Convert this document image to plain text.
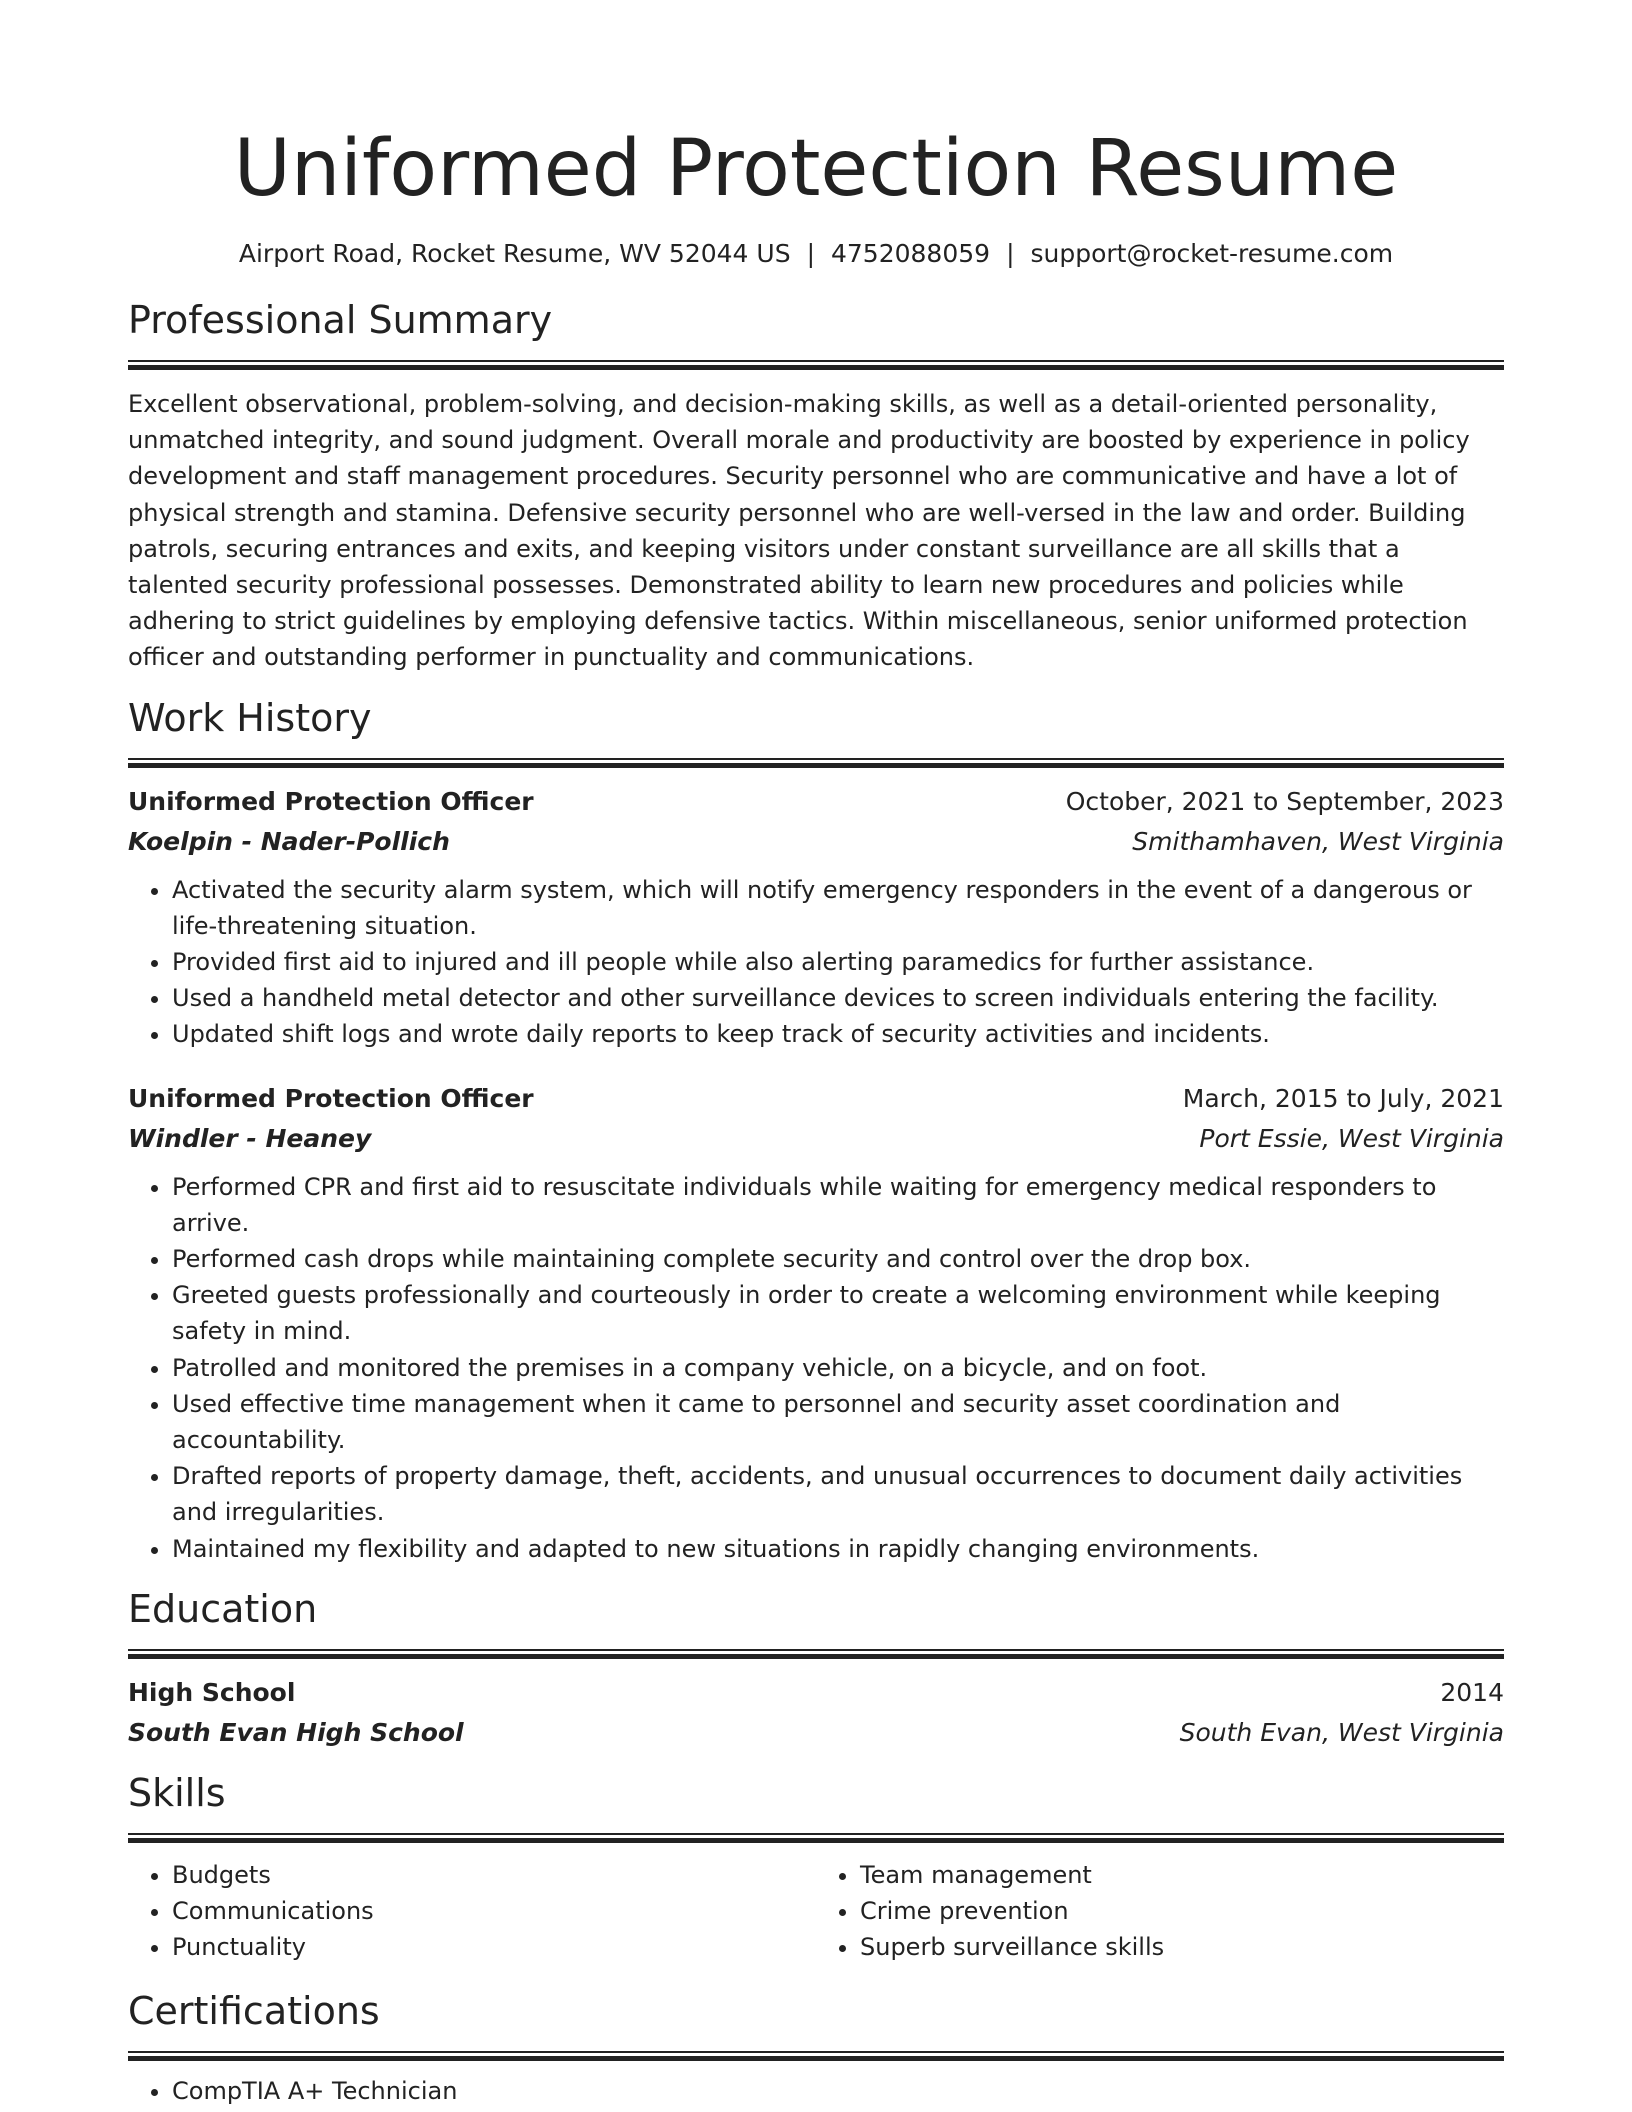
Uniformed Protection Resume
Airport Road, Rocket Resume, WV 52044 US | 4752088059 | support@rocket-resume.com
Professional Summary
Excellent observational, problem-solving, and decision-making skills, as well as a detail-oriented personality, unmatched integrity, and sound judgment. Overall morale and productivity are boosted by experience in policy development and staff management procedures. Security personnel who are communicative and have a lot of physical strength and stamina. Defensive security personnel who are well-versed in the law and order. Building patrols, securing entrances and exits, and keeping visitors under constant surveillance are all skills that a talented security professional possesses. Demonstrated ability to learn new procedures and policies while adhering to strict guidelines by employing defensive tactics. Within miscellaneous, senior uniformed protection officer and outstanding performer in punctuality and communications.
Work History
Uniformed Protection Officer	October, 2021 to September, 2023
Koelpin - Nader-Pollich	Smithamhaven, West Virginia
• Activated the security alarm system, which will notify emergency responders in the event of a dangerous or life-threatening situation.
• Provided first aid to injured and ill people while also alerting paramedics for further assistance.
• Used a handheld metal detector and other surveillance devices to screen individuals entering the facility.
• Updated shift logs and wrote daily reports to keep track of security activities and incidents.
Uniformed Protection Officer	March, 2015 to July, 2021
Windler - Heaney	Port Essie, West Virginia
• Performed CPR and first aid to resuscitate individuals while waiting for emergency medical responders to arrive.
• Performed cash drops while maintaining complete security and control over the drop box.
• Greeted guests professionally and courteously in order to create a welcoming environment while keeping safety in mind.
• Patrolled and monitored the premises in a company vehicle, on a bicycle, and on foot.
• Used effective time management when it came to personnel and security asset coordination and accountability.
• Drafted reports of property damage, theft, accidents, and unusual occurrences to document daily activities and irregularities.
• Maintained my flexibility and adapted to new situations in rapidly changing environments.
Education
High School	2014
South Evan High School	South Evan, West Virginia
Skills
• Budgets
• Communications
• Punctuality
• Team management
• Crime prevention
• Superb surveillance skills
Certifications
• CompTIA A+ Technician
